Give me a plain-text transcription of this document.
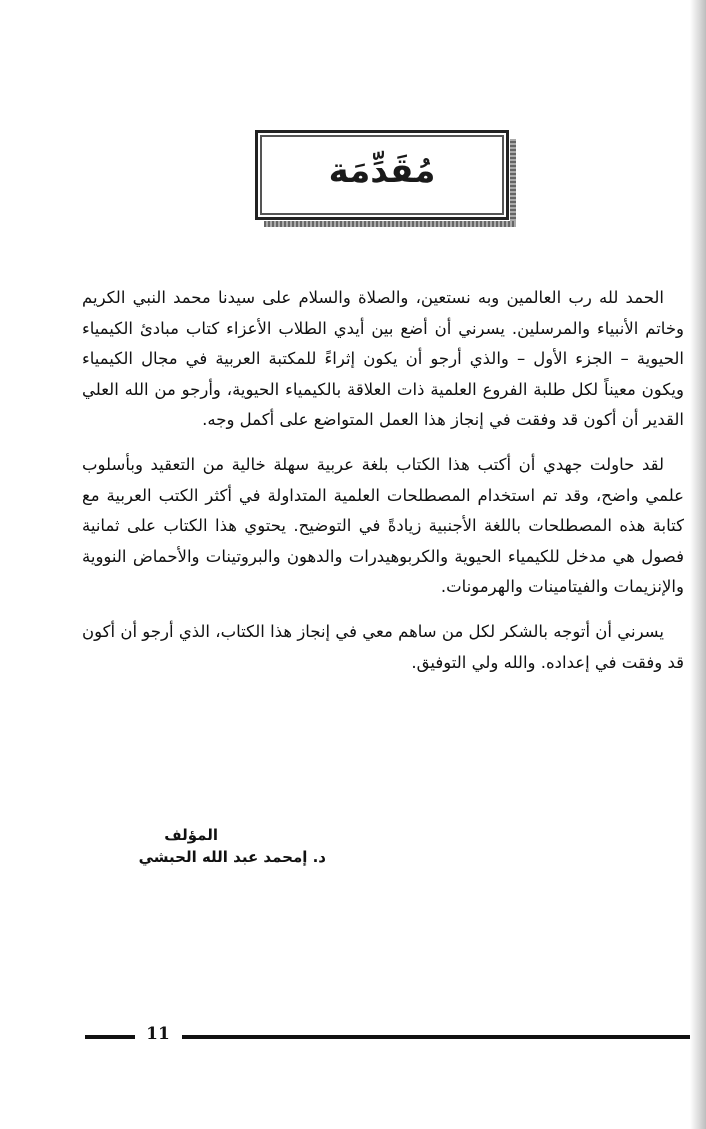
مُقَدِّمَة

الحمد لله رب العالمين وبه نستعين، والصلاة والسلام على سيدنا محمد النبي الكريم وخاتم الأنبياء والمرسلين. يسرني أن أضع بين أيدي الطلاب الأعزاء كتاب مبادئ الكيمياء الحيوية – الجزء الأول – والذي أرجو أن يكون إثراءً للمكتبة العربية في مجال الكيمياء ويكون معيناً لكل طلبة الفروع العلمية ذات العلاقة بالكيمياء الحيوية، وأرجو من الله العلي القدير أن أكون قد وفقت في إنجاز هذا العمل المتواضع على أكمل وجه.

لقد حاولت جهدي أن أكتب هذا الكتاب بلغة عربية سهلة خالية من التعقيد وبأسلوب علمي واضح، وقد تم استخدام المصطلحات العلمية المتداولة في أكثر الكتب العربية مع كتابة هذه المصطلحات باللغة الأجنبية زيادةً في التوضيح. يحتوي هذا الكتاب على ثمانية فصول هي مدخل للكيمياء الحيوية والكربوهيدرات والدهون والبروتينات والأحماض النووية والإنزيمات والفيتامينات والهرمونات.

يسرني أن أتوجه بالشكر لكل من ساهم معي في إنجاز هذا الكتاب، الذي أرجو أن أكون قد وفقت في إعداده. والله ولي التوفيق.

المؤلف
د. إمحمد عبد الله الحبشي
11
